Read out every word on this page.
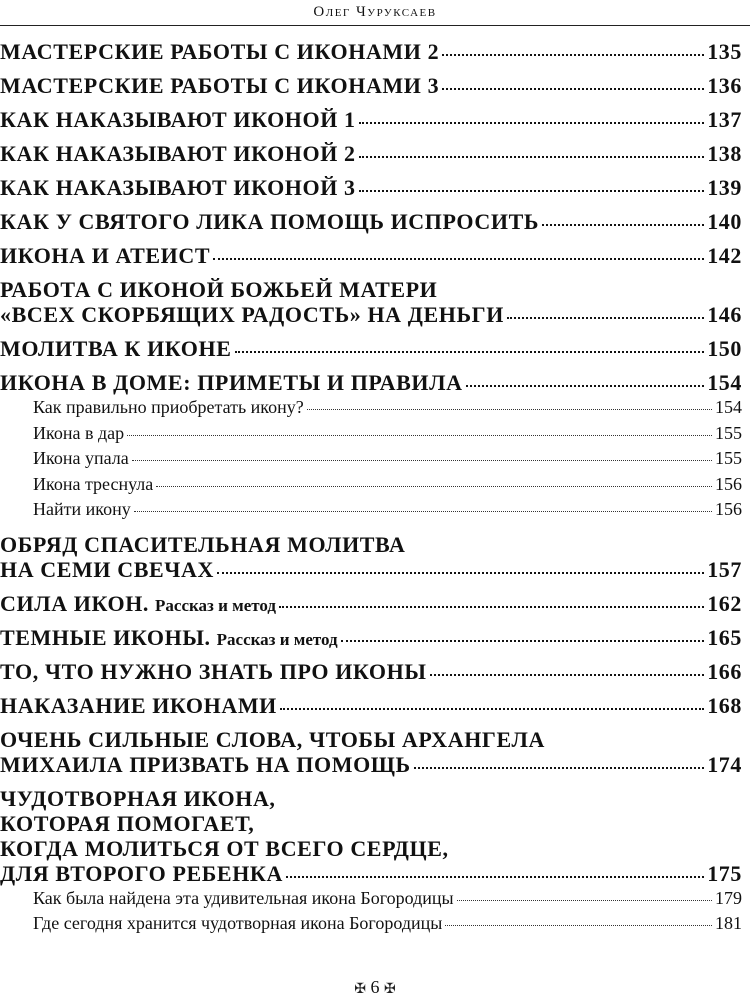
Олег Чуруксаев
МАСТЕРСКИЕ РАБОТЫ С ИКОНАМИ 2	135
МАСТЕРСКИЕ РАБОТЫ С ИКОНАМИ 3	136
КАК НАКАЗЫВАЮТ ИКОНОЙ 1	137
КАК НАКАЗЫВАЮТ ИКОНОЙ 2	138
КАК НАКАЗЫВАЮТ ИКОНОЙ 3	139
КАК У СВЯТОГО ЛИКА ПОМОЩЬ ИСПРОСИТЬ	140
ИКОНА И АТЕИСТ	142
РАБОТА С ИКОНОЙ БОЖЬЕЙ МАТЕРИ
«ВСЕХ СКОРБЯЩИХ РАДОСТЬ» НА ДЕНЬГИ	146
МОЛИТВА К ИКОНЕ	150
ИКОНА В ДОМЕ: ПРИМЕТЫ И ПРАВИЛА	154
Как правильно приобретать икону?	154
Икона в дар	155
Икона упала	155
Икона треснула	156
Найти икону	156
ОБРЯД СПАСИТЕЛЬНАЯ МОЛИТВА
НА СЕМИ СВЕЧАХ	157
СИЛА ИКОН. Рассказ и метод	162
ТЕМНЫЕ ИКОНЫ. Рассказ и метод	165
ТО, ЧТО НУЖНО ЗНАТЬ ПРО ИКОНЫ	166
НАКАЗАНИЕ ИКОНАМИ	168
ОЧЕНЬ СИЛЬНЫЕ СЛОВА, ЧТОБЫ АРХАНГЕЛА
МИХАИЛА ПРИЗВАТЬ НА ПОМОЩЬ	174
ЧУДОТВОРНАЯ ИКОНА,
КОТОРАЯ ПОМОГАЕТ,
КОГДА МОЛИТЬСЯ ОТ ВСЕГО СЕРДЦЕ,
ДЛЯ ВТОРОГО РЕБЕНКА	175
Как была найдена эта удивительная икона Богородицы	179
Где сегодня хранится чудотворная икона Богородицы	181
✠ 6 ✠
